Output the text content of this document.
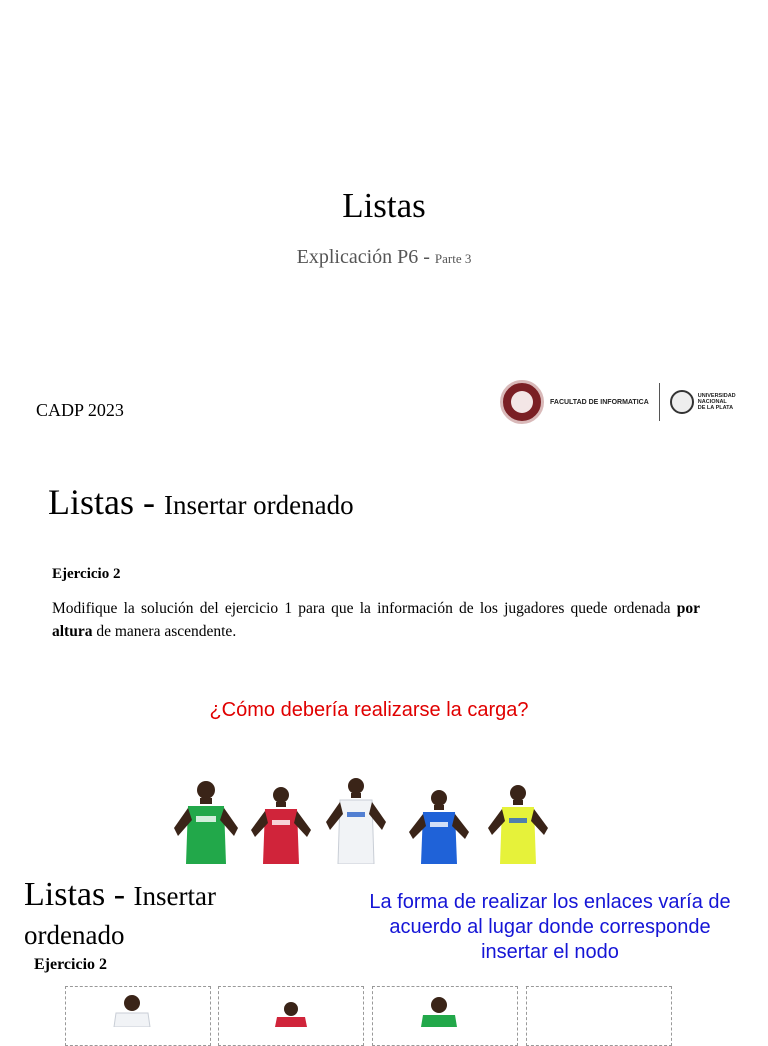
Listas
Explicación P6 - Parte 3
CADP 2023	FACULTAD DE INFORMATICA
UNIVERSIDAD
NACIONAL
DE LA PLATA
Listas - Insertar ordenado
Ejercicio 2
Modifique la solución del ejercicio 1 para que la información de los jugadores quede ordenada por altura de manera ascendente.
¿Cómo debería realizarse la carga?
Listas - Insertar
ordenado
La forma de realizar los enlaces varía de
acuerdo al lugar donde corresponde
insertar el nodo
Ejercicio 2
